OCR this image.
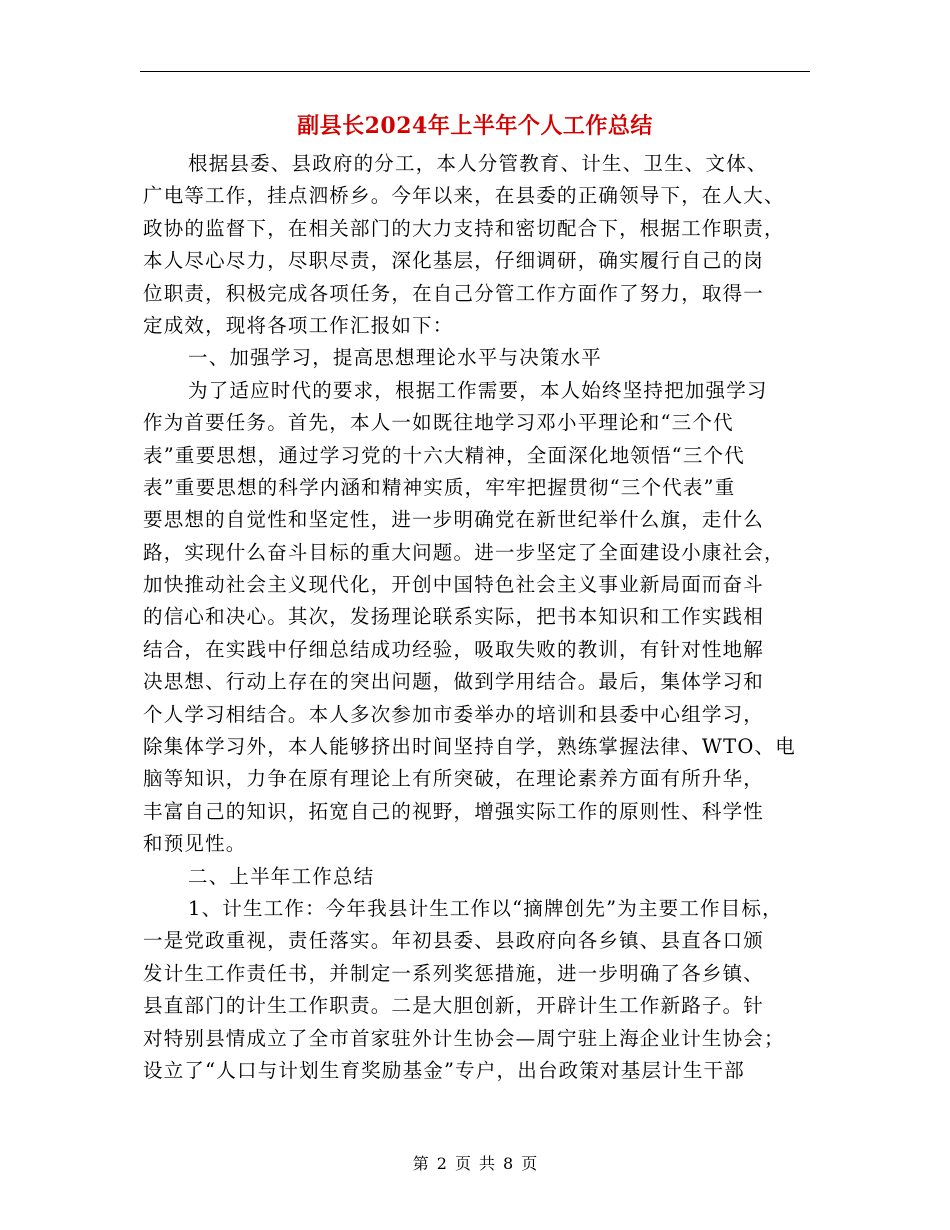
副县长2024年上半年个人工作总结
根据县委、县政府的分工，本人分管教育、计生、卫生、文体、
广电等工作，挂点泗桥乡。今年以来，在县委的正确领导下，在人大、
政协的监督下，在相关部门的大力支持和密切配合下，根据工作职责，
本人尽心尽力，尽职尽责，深化基层，仔细调研，确实履行自己的岗
位职责，积极完成各项任务，在自己分管工作方面作了努力，取得一
定成效，现将各项工作汇报如下：
一、加强学习，提高思想理论水平与决策水平
为了适应时代的要求，根据工作需要，本人始终坚持把加强学习
作为首要任务。首先，本人一如既往地学习邓小平理论和“三个代
表”重要思想，通过学习党的十六大精神，全面深化地领悟“三个代
表”重要思想的科学内涵和精神实质，牢牢把握贯彻“三个代表”重
要思想的自觉性和坚定性，进一步明确党在新世纪举什么旗，走什么
路，实现什么奋斗目标的重大问题。进一步坚定了全面建设小康社会，
加快推动社会主义现代化，开创中国特色社会主义事业新局面而奋斗
的信心和决心。其次，发扬理论联系实际，把书本知识和工作实践相
结合，在实践中仔细总结成功经验，吸取失败的教训，有针对性地解
决思想、行动上存在的突出问题，做到学用结合。最后，集体学习和
个人学习相结合。本人多次参加市委举办的培训和县委中心组学习，
除集体学习外，本人能够挤出时间坚持自学，熟练掌握法律、WTO、电
脑等知识，力争在原有理论上有所突破，在理论素养方面有所升华，
丰富自己的知识，拓宽自己的视野，增强实际工作的原则性、科学性
和预见性。
二、上半年工作总结
1、计生工作：今年我县计生工作以“摘牌创先”为主要工作目标，
一是党政重视，责任落实。年初县委、县政府向各乡镇、县直各口颁
发计生工作责任书，并制定一系列奖惩措施，进一步明确了各乡镇、
县直部门的计生工作职责。二是大胆创新，开辟计生工作新路子。针
对特别县情成立了全市首家驻外计生协会—周宁驻上海企业计生协会；
设立了“人口与计划生育奖励基金”专户，出台政策对基层计生干部
第 2 页 共 8 页
